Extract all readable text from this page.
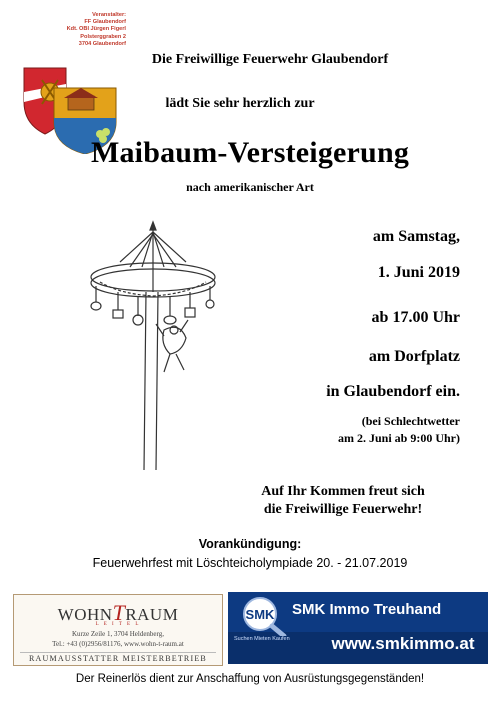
Veranstalter:
FF Glaubendorf
Kdt. OBI Jürgen Figerl
Polsterggraben 2
3704 Glaubendorf
Die Freiwillige Feuerwehr Glaubendorf
lädt Sie sehr herzlich zur
Maibaum-Versteigerung
nach amerikanischer Art
am Samstag,
1. Juni 2019
ab 17.00 Uhr
am Dorfplatz
in Glaubendorf ein.
(bei Schlechtwetter
am 2. Juni ab 9:00 Uhr)
Auf Ihr Kommen freut sich
die Freiwillige Feuerwehr!
Vorankündigung:
Feuerwehrfest mit Löschteicholympiade 20. - 21.07.2019
WOHNTRAUM
L E I T E L
Kurze Zeile 1, 3704 Heldenberg,
Tel.: +43 (0)2956/81176, www.wohn-t-raum.at
RAUMAUSSTATTER MEISTERBETRIEB
SMK SMK Immo Treuhand
Suchen Mieten Kaufen	www.smkimmo.at
Der Reinerlös dient zur Anschaffung von Ausrüstungsgegenständen!
